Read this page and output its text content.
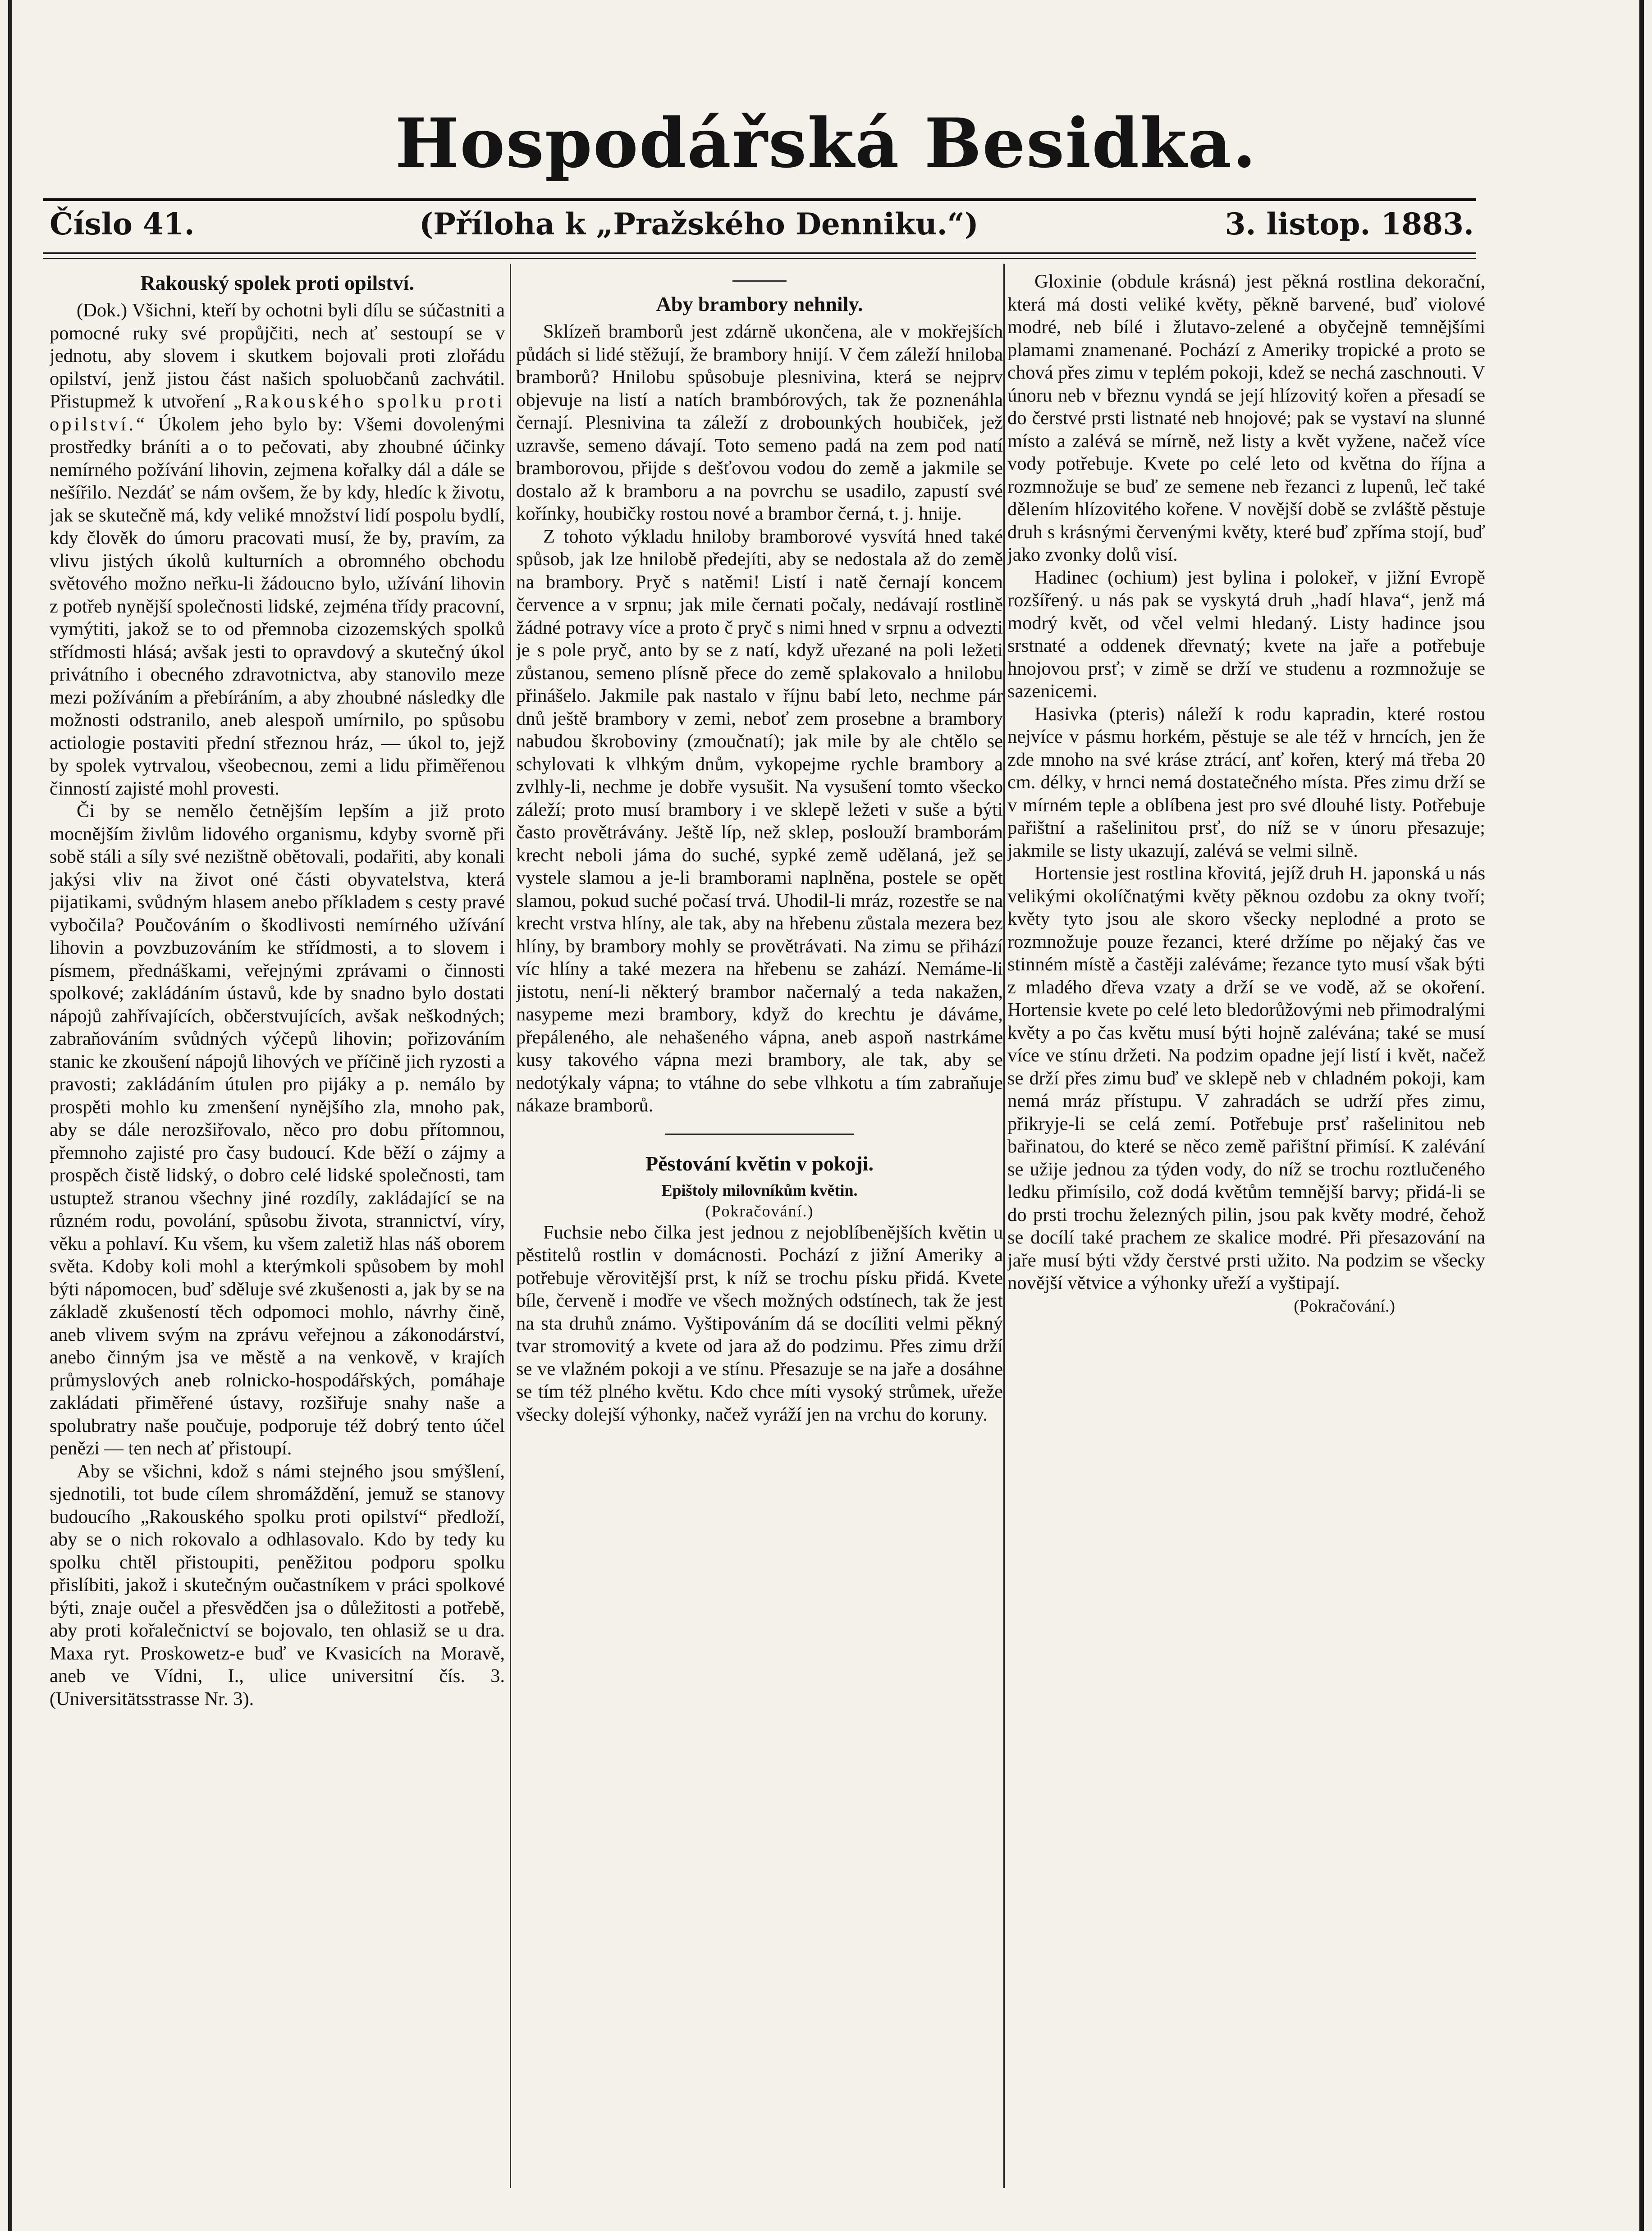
Hospodářská Besidka.
Číslo 41.	(Příloha k „Pražského Denniku.“)	3. listop. 1883.
Rakouský spolek proti opilství.

(Dok.) Všichni, kteří by ochotni byli dílu se súčastniti a pomocné ruky své propůjčiti, nech ať sestoupí se v jednotu, aby slovem i skutkem bojovali proti zlořádu opilství, jenž jistou část našich spoluobčanů zachvátil. Přistupmež k utvoření „Rakouského spolku proti opilství.“ Úkolem jeho bylo by: Všemi dovolenými prostředky bráníti a o to pečovati, aby zhoubné účinky nemírného požívání lihovin, zejmena kořalky dál a dále se nešířilo. Nezdáť se nám ovšem, že by kdy, hledíc k životu, jak se skutečně má, kdy veliké množství lidí pospolu bydlí, kdy člověk do úmoru pracovati musí, že by, pravím, za vlivu jistých úkolů kulturních a obromného obchodu světového možno neřku-li žádoucno bylo, užívání lihovin z potřeb nynější společnosti lidské, zejména třídy pracovní, vymýtiti, jakož se to od přemnoba cizozemských spolků střídmosti hlásá; avšak jesti to opravdový a skutečný úkol privátního i obecného zdravotnictva, aby stanovilo meze mezi požíváním a přebíráním, a aby zhoubné následky dle možnosti odstranilo, aneb alespoň umírnilo, po spůsobu actiologie postaviti přední střeznou hráz, — úkol to, jejž by spolek vytrvalou, všeobecnou, zemi a lidu přiměřenou činností zajisté mohl provesti.

Či by se nemělo četnějším lepším a již proto mocnějším živlům lidového organismu, kdyby svorně při sobě stáli a síly své nezištně obětovali, podařiti, aby konali jakýsi vliv na život oné části obyvatelstva, která pijatikami, svůdným hlasem anebo příkladem s cesty pravé vybočila? Poučováním o škodlivosti nemírného užívání lihovin a povzbuzováním ke střídmosti, a to slovem i písmem, přednáškami, veřejnými zprávami o činnosti spolkové; zakládáním ústavů, kde by snadno bylo dostati nápojů zahřívajících, občerstvujících, avšak neškodných; zabraňováním svůdných výčepů lihovin; pořizováním stanic ke zkoušení nápojů lihových ve příčině jich ryzosti a pravosti; zakládáním útulen pro pijáky a p. nemálo by prospěti mohlo ku zmenšení nynějšího zla, mnoho pak, aby se dále nerozšiřovalo, něco pro dobu přítomnou, přemnoho zajisté pro časy budoucí. Kde běží o zájmy a prospěch čistě lidský, o dobro celé lidské společnosti, tam ustuptež stranou všechny jiné rozdíly, zakládající se na různém rodu, povolání, spůsobu života, strannictví, víry, věku a pohlaví. Ku všem, ku všem zaletiž hlas náš oborem světa. Kdoby koli mohl a kterýmkoli spůsobem by mohl býti nápomocen, buď sděluje své zkušenosti a, jak by se na základě zkušeností těch odpomoci mohlo, návrhy čině, aneb vlivem svým na zprávu veřejnou a zákonodárství, anebo činným jsa ve městě a na venkově, v krajích průmyslových aneb rolnicko-hospodářských, pomáhaje zakládati přiměřené ústavy, rozšiřuje snahy naše a spolubratry naše poučuje, podporuje též dobrý tento účel penězi — ten nech ať přistoupí.

Aby se všichni, kdož s námi stejného jsou smýšlení, sjednotili, tot bude cílem shromáždění, jemuž se stanovy budoucího „Rakouského spolku proti opilství“ předloží, aby se o nich rokovalo a odhlasovalo. Kdo by tedy ku spolku chtěl přistoupiti, peněžitou podporu spolku přislíbiti, jakož i skutečným oučastníkem v práci spolkové býti, znaje oučel a přesvědčen jsa o důležitosti a potřebě, aby proti kořalečnictví se bojovalo, ten ohlasiž se u dra. Maxa ryt. Proskowetz-e buď ve Kvasicích na Moravě, aneb ve Vídni, I., ulice universitní čís. 3. (Universitätsstrasse Nr. 3).

Aby brambory nehnily.

Sklízeň bramborů jest zdárně ukončena, ale v mokřejších půdách si lidé stěžují, že brambory hnijí. V čem záleží hniloba bramborů? Hnilobu spůsobuje plesnivina, která se nejprv objevuje na listí a natích brambórových, tak že poznenáhla černají. Plesnivina ta záleží z drobounkých houbiček, jež uzravše, semeno dávají. Toto semeno padá na zem pod natí bramborovou, přijde s dešťovou vodou do země a jakmile se dostalo až k bramboru a na povrchu se usadilo, zapustí své kořínky, houbičky rostou nové a brambor černá, t. j. hnije.

Z tohoto výkladu hniloby bramborové vysvítá hned také spůsob, jak lze hnilobě předejíti, aby se nedostala až do země na brambory. Pryč s natěmi! Listí i natě černají koncem července a v srpnu; jak mile černati počaly, nedávají rostlině žádné potravy více a proto č pryč s nimi hned v srpnu a odvezti je s pole pryč, anto by se z natí, když uřezané na poli ležeti zůstanou, semeno plísně přece do země splakovalo a hnilobu přinášelo. Jakmile pak nastalo v říjnu babí leto, nechme pár dnů ještě brambory v zemi, neboť zem prosebne a brambory nabudou škroboviny (zmoučnatí); jak mile by ale chtělo se schylovati k vlhkým dnům, vykopejme rychle brambory a zvlhly-li, nechme je dobře vysušit. Na vysušení tomto všecko záleží; proto musí brambory i ve sklepě ležeti v suše a býti často provětrávány. Ještě líp, než sklep, poslouží bramborám krecht neboli jáma do suché, sypké země udělaná, jež se vystele slamou a je-li bramborami naplněna, postele se opět slamou, pokud suché počasí trvá. Uhodil-li mráz, rozestře se na krecht vrstva hlíny, ale tak, aby na hřebenu zůstala mezera bez hlíny, by brambory mohly se provětrávati. Na zimu se přihází víc hlíny a také mezera na hřebenu se zahází. Nemáme-li jistotu, není-li některý brambor načernalý a teda nakažen, nasypeme mezi brambory, když do krechtu je dáváme, přepáleného, ale nehašeného vápna, aneb aspoň nastrkáme kusy takového vápna mezi brambory, ale tak, aby se nedotýkaly vápna; to vtáhne do sebe vlhkotu a tím zabraňuje nákaze bramborů.

Pěstování květin v pokoji.
Epištoly milovníkům květin.
(Pokračování.)

Fuchsie nebo čilka jest jednou z nejoblíbenějších květin u pěstitelů rostlin v domácnosti. Pochází z jižní Ameriky a potřebuje věrovitější prst, k níž se trochu písku přidá. Kvete bíle, červeně i modře ve všech možných odstínech, tak že jest na sta druhů známo. Vyštipováním dá se docíliti velmi pěkný tvar stromovitý a kvete od jara až do podzimu. Přes zimu drží se ve vlažném pokoji a ve stínu. Přesazuje se na jaře a dosáhne se tím též plného květu. Kdo chce míti vysoký strůmek, uřeže všecky dolejší výhonky, načež vyráží jen na vrchu do koruny.

Gloxinie (obdule krásná) jest pěkná rostlina dekorační, která má dosti veliké květy, pěkně barvené, buď violové modré, neb bílé i žlutavo-zelené a obyčejně temnějšími plamami znamenané. Pochází z Ameriky tropické a proto se chová přes zimu v teplém pokoji, kdež se nechá zaschnouti. V únoru neb v březnu vyndá se její hlízovitý kořen a přesadí se do čerstvé prsti listnaté neb hnojové; pak se vystaví na slunné místo a zalévá se mírně, než listy a květ vyžene, načež více vody potřebuje. Kvete po celé leto od května do října a rozmnožuje se buď ze semene neb řezanci z lupenů, leč také dělením hlízovitého kořene. V novější době se zvláště pěstuje druh s krásnými červenými květy, které buď zpříma stojí, buď jako zvonky dolů visí.

Hadinec (ochium) jest bylina i polokeř, v jižní Evropě rozšířený. u nás pak se vyskytá druh „hadí hlava“, jenž má modrý květ, od včel velmi hledaný. Listy hadince jsou srstnaté a oddenek dřevnatý; kvete na jaře a potřebuje hnojovou prsť; v zimě se drží ve studenu a rozmnožuje se sazenicemi.

Hasivka (pteris) náleží k rodu kapradin, které rostou nejvíce v pásmu horkém, pěstuje se ale též v hrncích, jen že zde mnoho na své kráse ztrácí, anť kořen, který má třeba 20 cm. délky, v hrnci nemá dostatečného místa. Přes zimu drží se v mírném teple a oblíbena jest pro své dlouhé listy. Potřebuje pařištní a rašelinitou prsť, do níž se v únoru přesazuje; jakmile se listy ukazují, zalévá se velmi silně.

Hortensie jest rostlina křovitá, jejíž druh H. japonská u nás velikými okolíčnatými květy pěknou ozdobu za okny tvoří; květy tyto jsou ale skoro všecky neplodné a proto se rozmnožuje pouze řezanci, které držíme po nějaký čas ve stinném místě a častěji zaléváme; řezance tyto musí však býti z mladého dřeva vzaty a drží se ve vodě, až se okoření. Hortensie kvete po celé leto bledorůžovými neb přimodralými květy a po čas květu musí býti hojně zalévána; také se musí více ve stínu držeti. Na podzim opadne její listí i květ, načež se drží přes zimu buď ve sklepě neb v chladném pokoji, kam nemá mráz přístupu. V zahradách se udrží přes zimu, přikryje-li se celá zemí. Potřebuje prsť rašelinitou neb bařinatou, do které se něco země pařištní přimísí. K zalévání se užije jednou za týden vody, do níž se trochu roztlučeného ledku přimísilo, což dodá květům temnější barvy; přidá-li se do prsti trochu železných pilin, jsou pak květy modré, čehož se docílí také prachem ze skalice modré. Při přesazování na jaře musí býti vždy čerstvé prsti užito. Na podzim se všecky novější větvice a výhonky uřeží a vyštipají.

(Pokračování.)
